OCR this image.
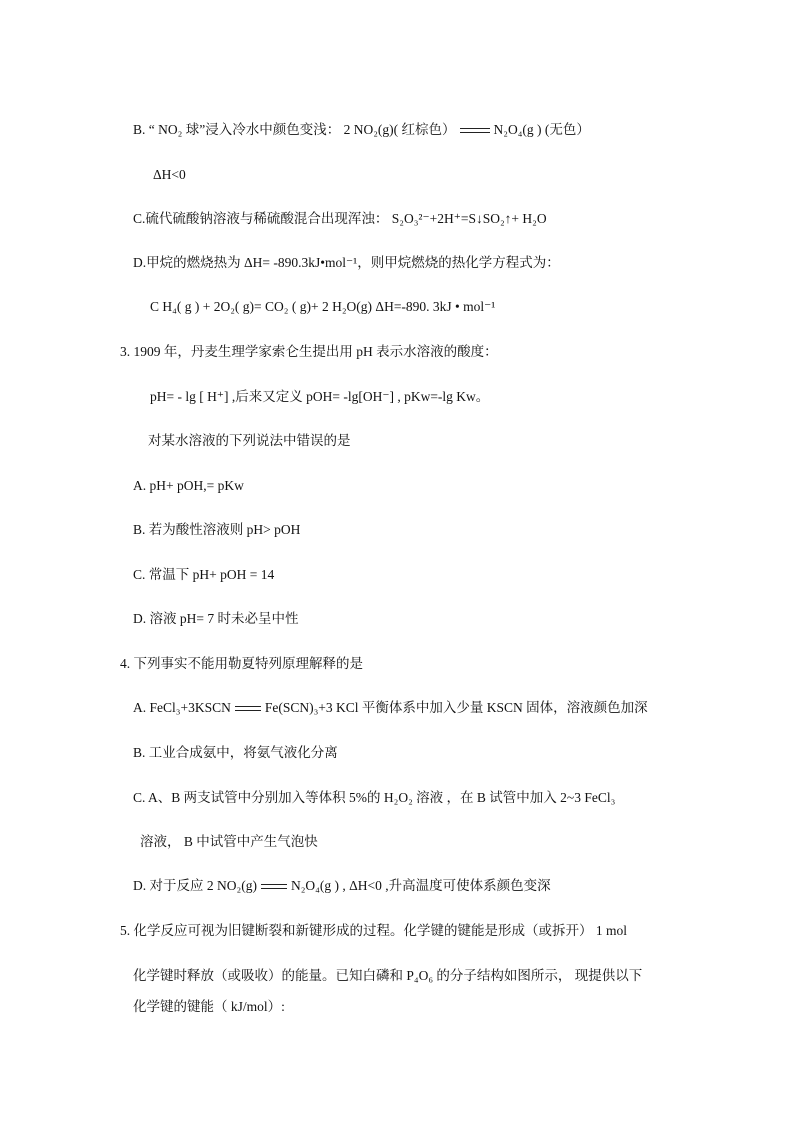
B. “ NO₂ 球”浸入冷水中颜色变浅： 2 NO₂(g)( 红棕色）	N₂O₄(g ) (无色）
ΔH<0
C.硫代硫酸钠溶液与稀硫酸混合出现浑浊： S₂O₃²⁻+2H⁺=S↓SO₂↑+ H₂O
D.甲烷的燃烧热为 ΔH= -890.3kJ•mol⁻¹，则甲烷燃烧的热化学方程式为：
C H₄( g ) + 2O₂( g)= CO₂ ( g)+ 2 H₂O(g) ΔH=-890. 3kJ • mol⁻¹
3. 1909 年，丹麦生理学家索仑生提出用 pH 表示水溶液的酸度：
pH= - lg [ H⁺] ,后来又定义 pOH= -lg[OH⁻] , pKw=-lg Kw。
对某水溶液的下列说法中错误的是
A. pH+ pOH,= pKw
B. 若为酸性溶液则 pH> pOH
C. 常温下 pH+ pOH = 14
D. 溶液 pH= 7 时未必呈中性
4. 下列事实不能用勒夏特列原理解释的是
A. FeCl₃+3KSCN	Fe(SCN)₃+3 KCl 平衡体系中加入少量 KSCN 固体，溶液颜色加深
B. 工业合成氨中，将氨气液化分离
C. A、B 两支试管中分别加入等体积 5%的 H₂O₂ 溶液 ，在 B 试管中加入 2~3 FeCl₃
溶液， B 中试管中产生气泡快
D. 对于反应 2 NO₂(g)	N₂O₄(g ) , ΔH<0 ,升高温度可使体系颜色变深
5. 化学反应可视为旧键断裂和新键形成的过程。化学键的键能是形成（或拆开） 1 mol
化学键时释放（或吸收）的能量。已知白磷和 P₄O₆ 的分子结构如图所示， 现提供以下
化学键的键能（ kJ/mol）:
